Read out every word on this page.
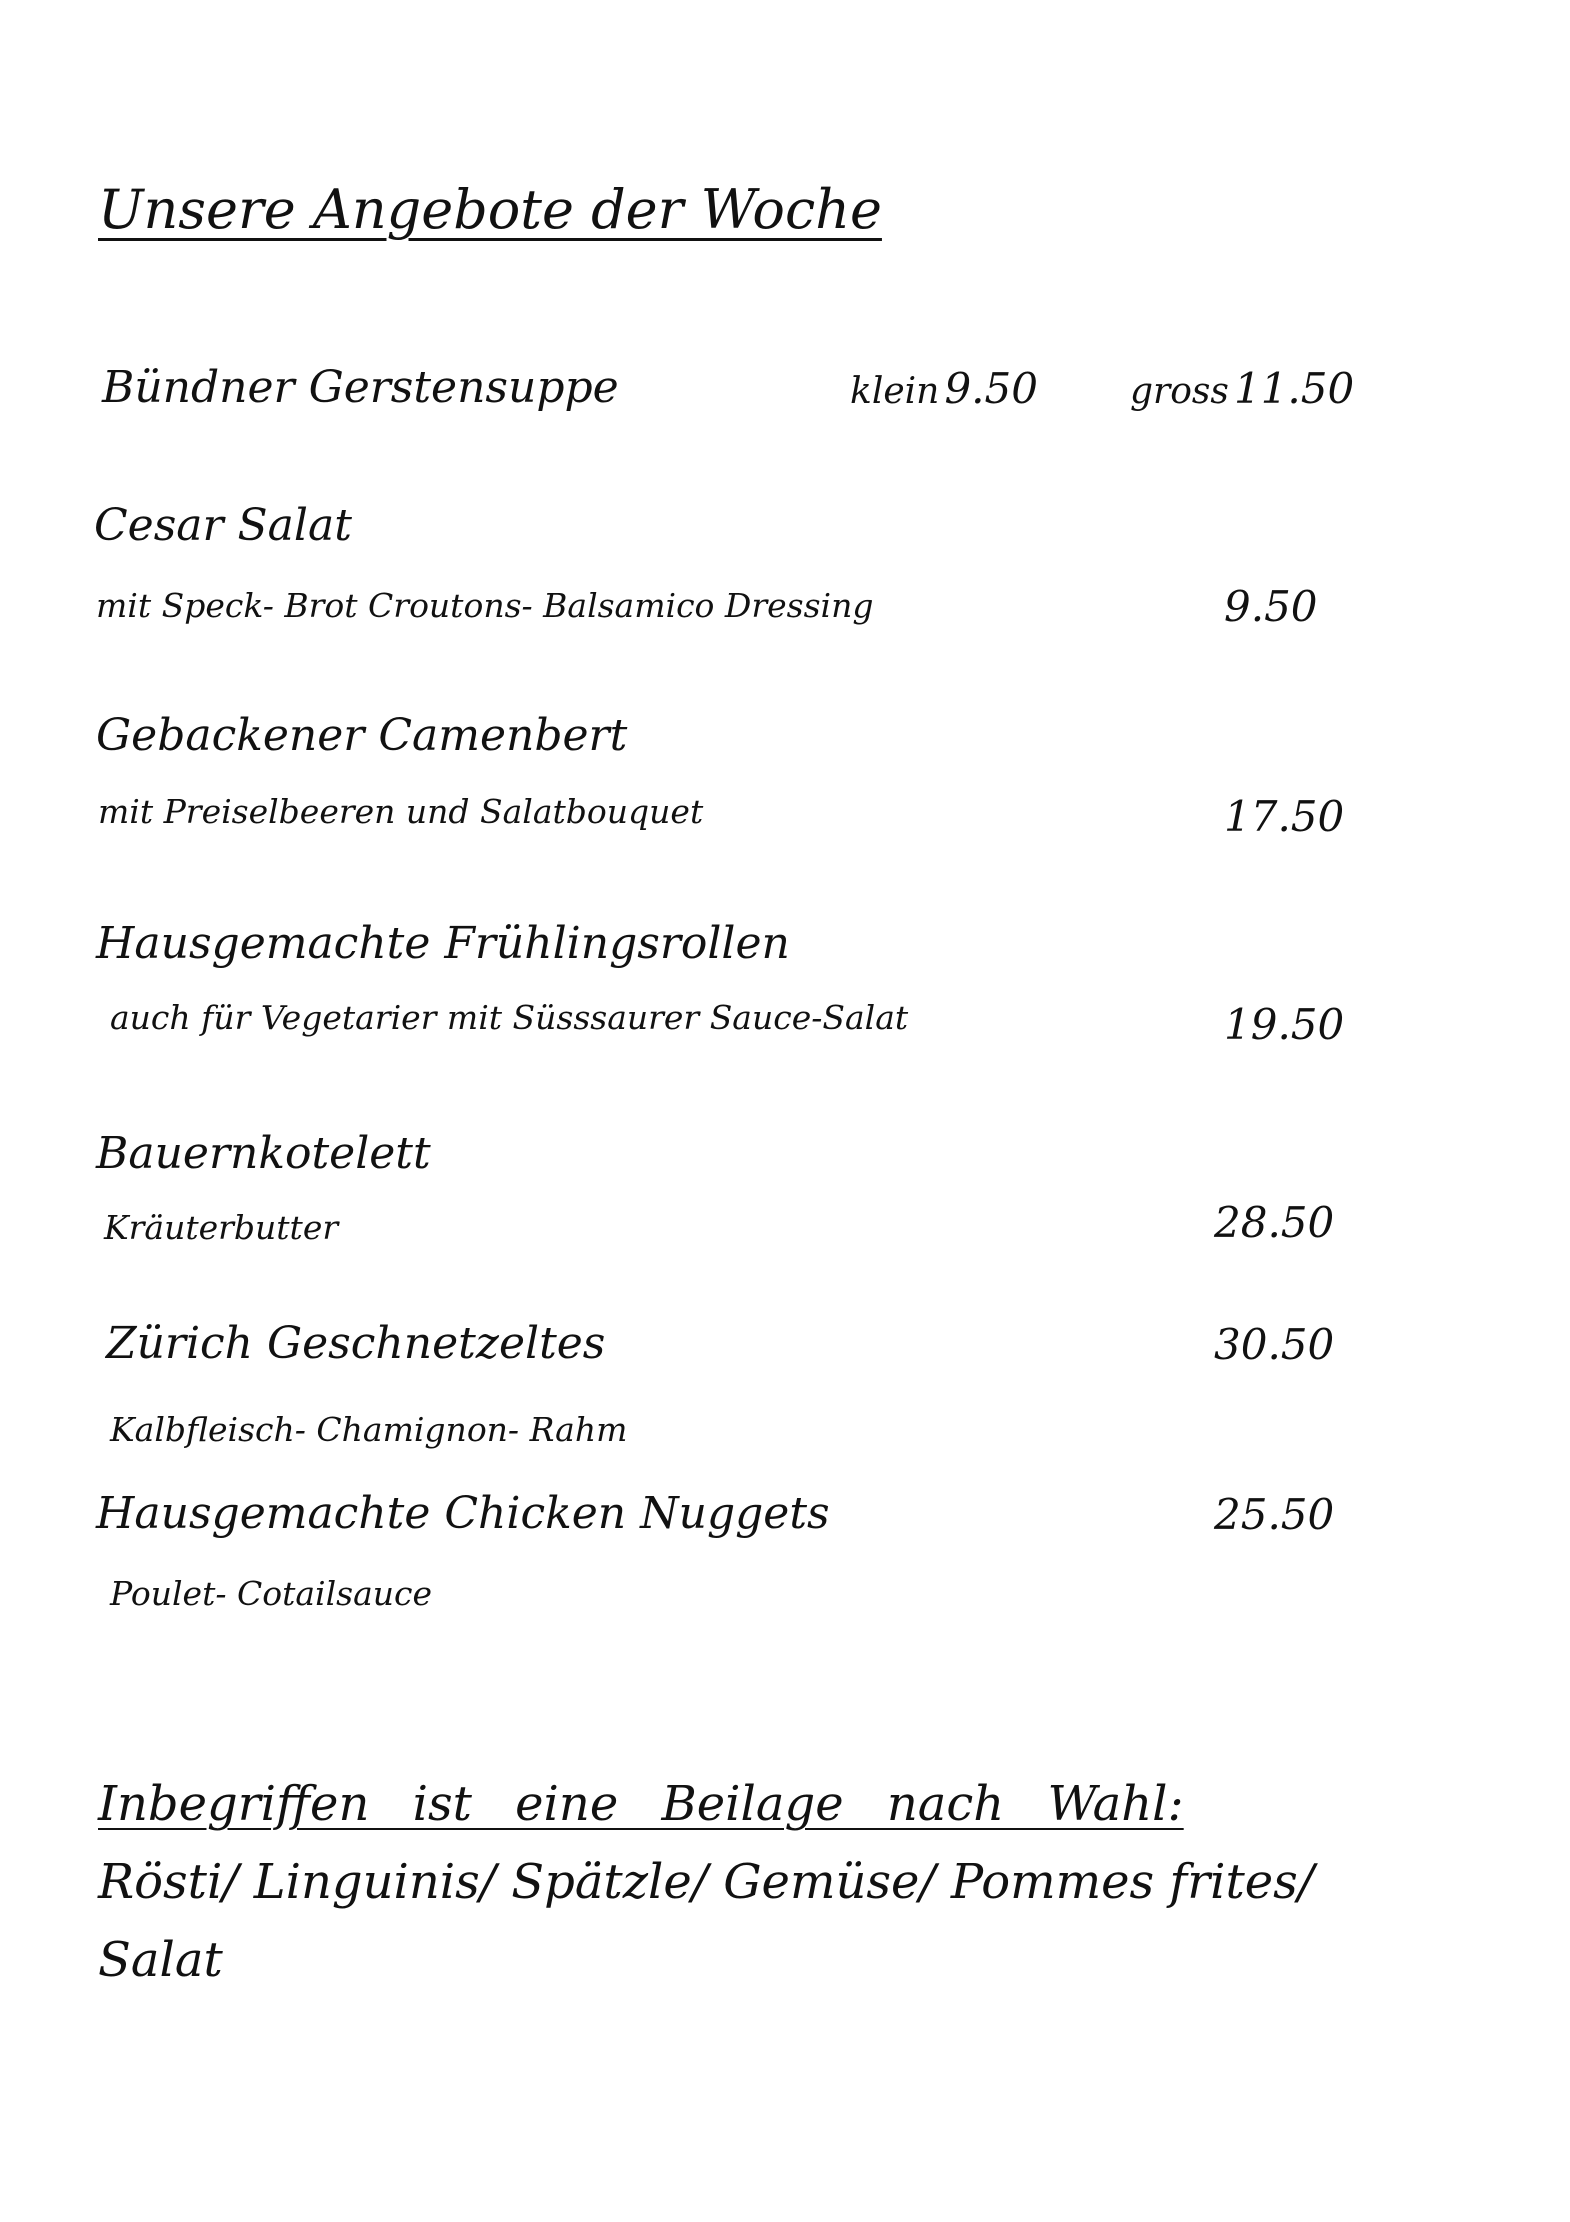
Unsere Angebote der Woche
Bündner Gerstensuppe	klein 9.50	gross 11.50
Cesar Salat
mit Speck- Brot Croutons- Balsamico Dressing	9.50
Gebackener Camenbert
mit Preiselbeeren und Salatbouquet	17.50
Hausgemachte Frühlingsrollen
auch für Vegetarier mit Süsssaurer Sauce-Salat	19.50
Bauernkotelett
Kräuterbutter	28.50
Zürich Geschnetzeltes	30.50
Kalbfleisch- Chamignon- Rahm
Hausgemachte Chicken Nuggets	25.50
Poulet- Cotailsauce
Inbegriffen ist eine Beilage nach Wahl: Rösti/ Linguinis/ Spätzle/ Gemüse/ Pommes frites/ Salat
